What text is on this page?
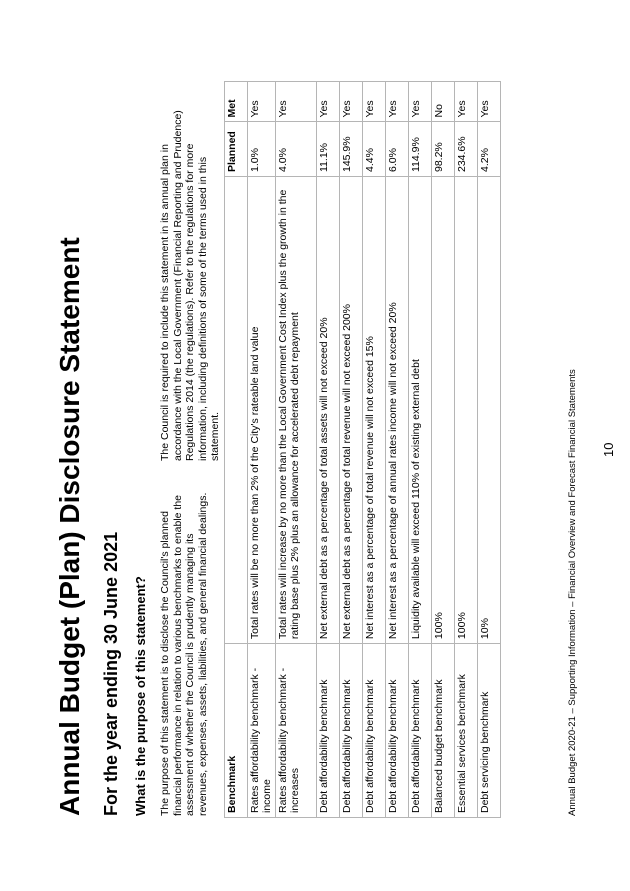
Annual Budget (Plan) Disclosure Statement For the year ending 30 June 2021 What is the purpose of this statement? The purpose of this statement is to disclose the Council's planned financial performance in relation to various benchmarks to enable the assessment of whether the Council is prudently managing its revenues, expenses, assets, liabilities, and general financial dealings.
The Council is required to include this statement in its annual plan in accordance with the Local Government (Financial Reporting and Prudence) Regulations 2014 (the regulations). Refer to the regulations for more information, including definitions of some of the terms used in this statement.
Benchmark		Planned	Met
Rates affordability benchmark - income	Total rates will be no more than 2% of the City's rateable land value	1.0%	Yes
Rates affordability benchmark - increases	Total rates will increase by no more than the Local Government Cost Index plus the growth in the rating base plus 2% plus an allowance for accelerated debt repayment	4.0%	Yes
Debt affordability benchmark	Net external debt as a percentage of total assets will not exceed 20%	11.1%	Yes
Debt affordability benchmark	Net external debt as a percentage of total revenue will not exceed 200%	145.9%	Yes
Debt affordability benchmark	Net interest as a percentage of total revenue will not exceed 15%	4.4%	Yes
Debt affordability benchmark	Net interest as a percentage of annual rates income will not exceed 20%	6.0%	Yes
Debt affordability benchmark	Liquidity available will exceed 110% of existing external debt	114.9%	Yes
Balanced budget benchmark	100%	98.2%	No
Essential services benchmark	100%	234.6%	Yes
Debt servicing benchmark	10%	4.2%	Yes
Annual Budget 2020-21 – Supporting Information – Financial Overview and Forecast Financial Statements 10
